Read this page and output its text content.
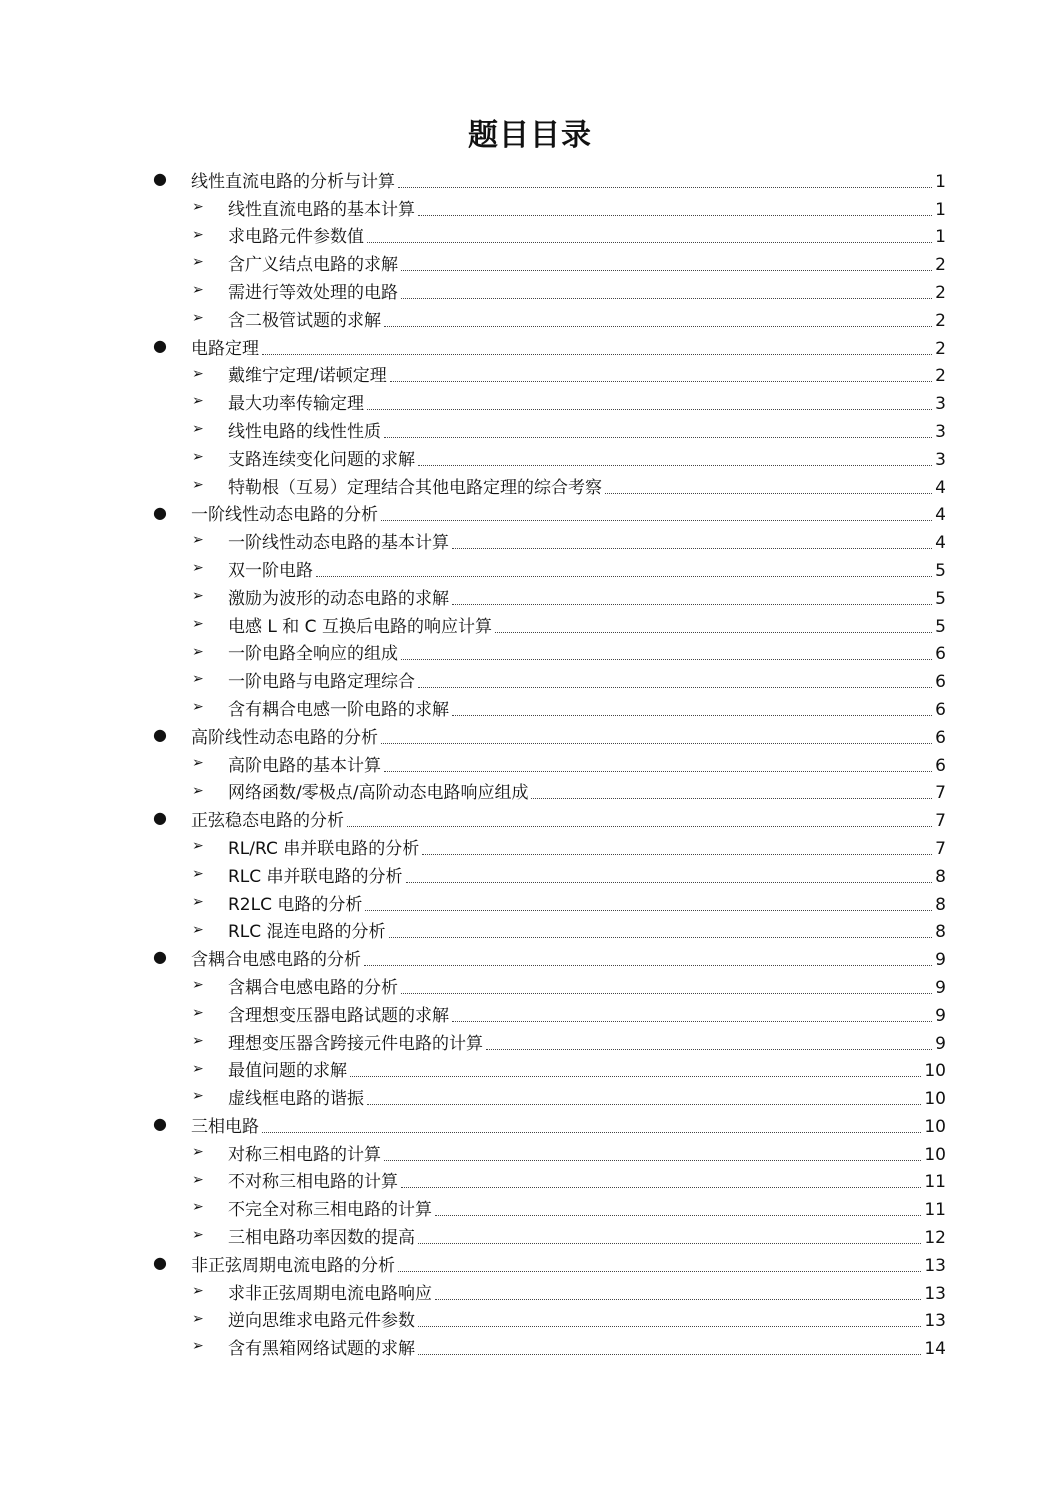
题目目录
● 线性直流电路的分析与计算	1
➢ 线性直流电路的基本计算	1
➢ 求电路元件参数值	1
➢ 含广义结点电路的求解	2
➢ 需进行等效处理的电路	2
➢ 含二极管试题的求解	2
● 电路定理	2
➢ 戴维宁定理/诺顿定理	2
➢ 最大功率传输定理	3
➢ 线性电路的线性性质	3
➢ 支路连续变化问题的求解	3
➢ 特勒根（互易）定理结合其他电路定理的综合考察	4
● 一阶线性动态电路的分析	4
➢ 一阶线性动态电路的基本计算	4
➢ 双一阶电路	5
➢ 激励为波形的动态电路的求解	5
➢ 电感 L 和 C 互换后电路的响应计算	5
➢ 一阶电路全响应的组成	6
➢ 一阶电路与电路定理综合	6
➢ 含有耦合电感一阶电路的求解	6
● 高阶线性动态电路的分析	6
➢ 高阶电路的基本计算	6
➢ 网络函数/零极点/高阶动态电路响应组成	7
● 正弦稳态电路的分析	7
➢ RL/RC 串并联电路的分析	7
➢ RLC 串并联电路的分析	8
➢ R2LC 电路的分析	8
➢ RLC 混连电路的分析	8
● 含耦合电感电路的分析	9
➢ 含耦合电感电路的分析	9
➢ 含理想变压器电路试题的求解	9
➢ 理想变压器含跨接元件电路的计算	9
➢ 最值问题的求解	10
➢ 虚线框电路的谐振	10
● 三相电路	10
➢ 对称三相电路的计算	10
➢ 不对称三相电路的计算	11
➢ 不完全对称三相电路的计算	11
➢ 三相电路功率因数的提高	12
● 非正弦周期电流电路的分析	13
➢ 求非正弦周期电流电路响应	13
➢ 逆向思维求电路元件参数	13
➢ 含有黑箱网络试题的求解	14
